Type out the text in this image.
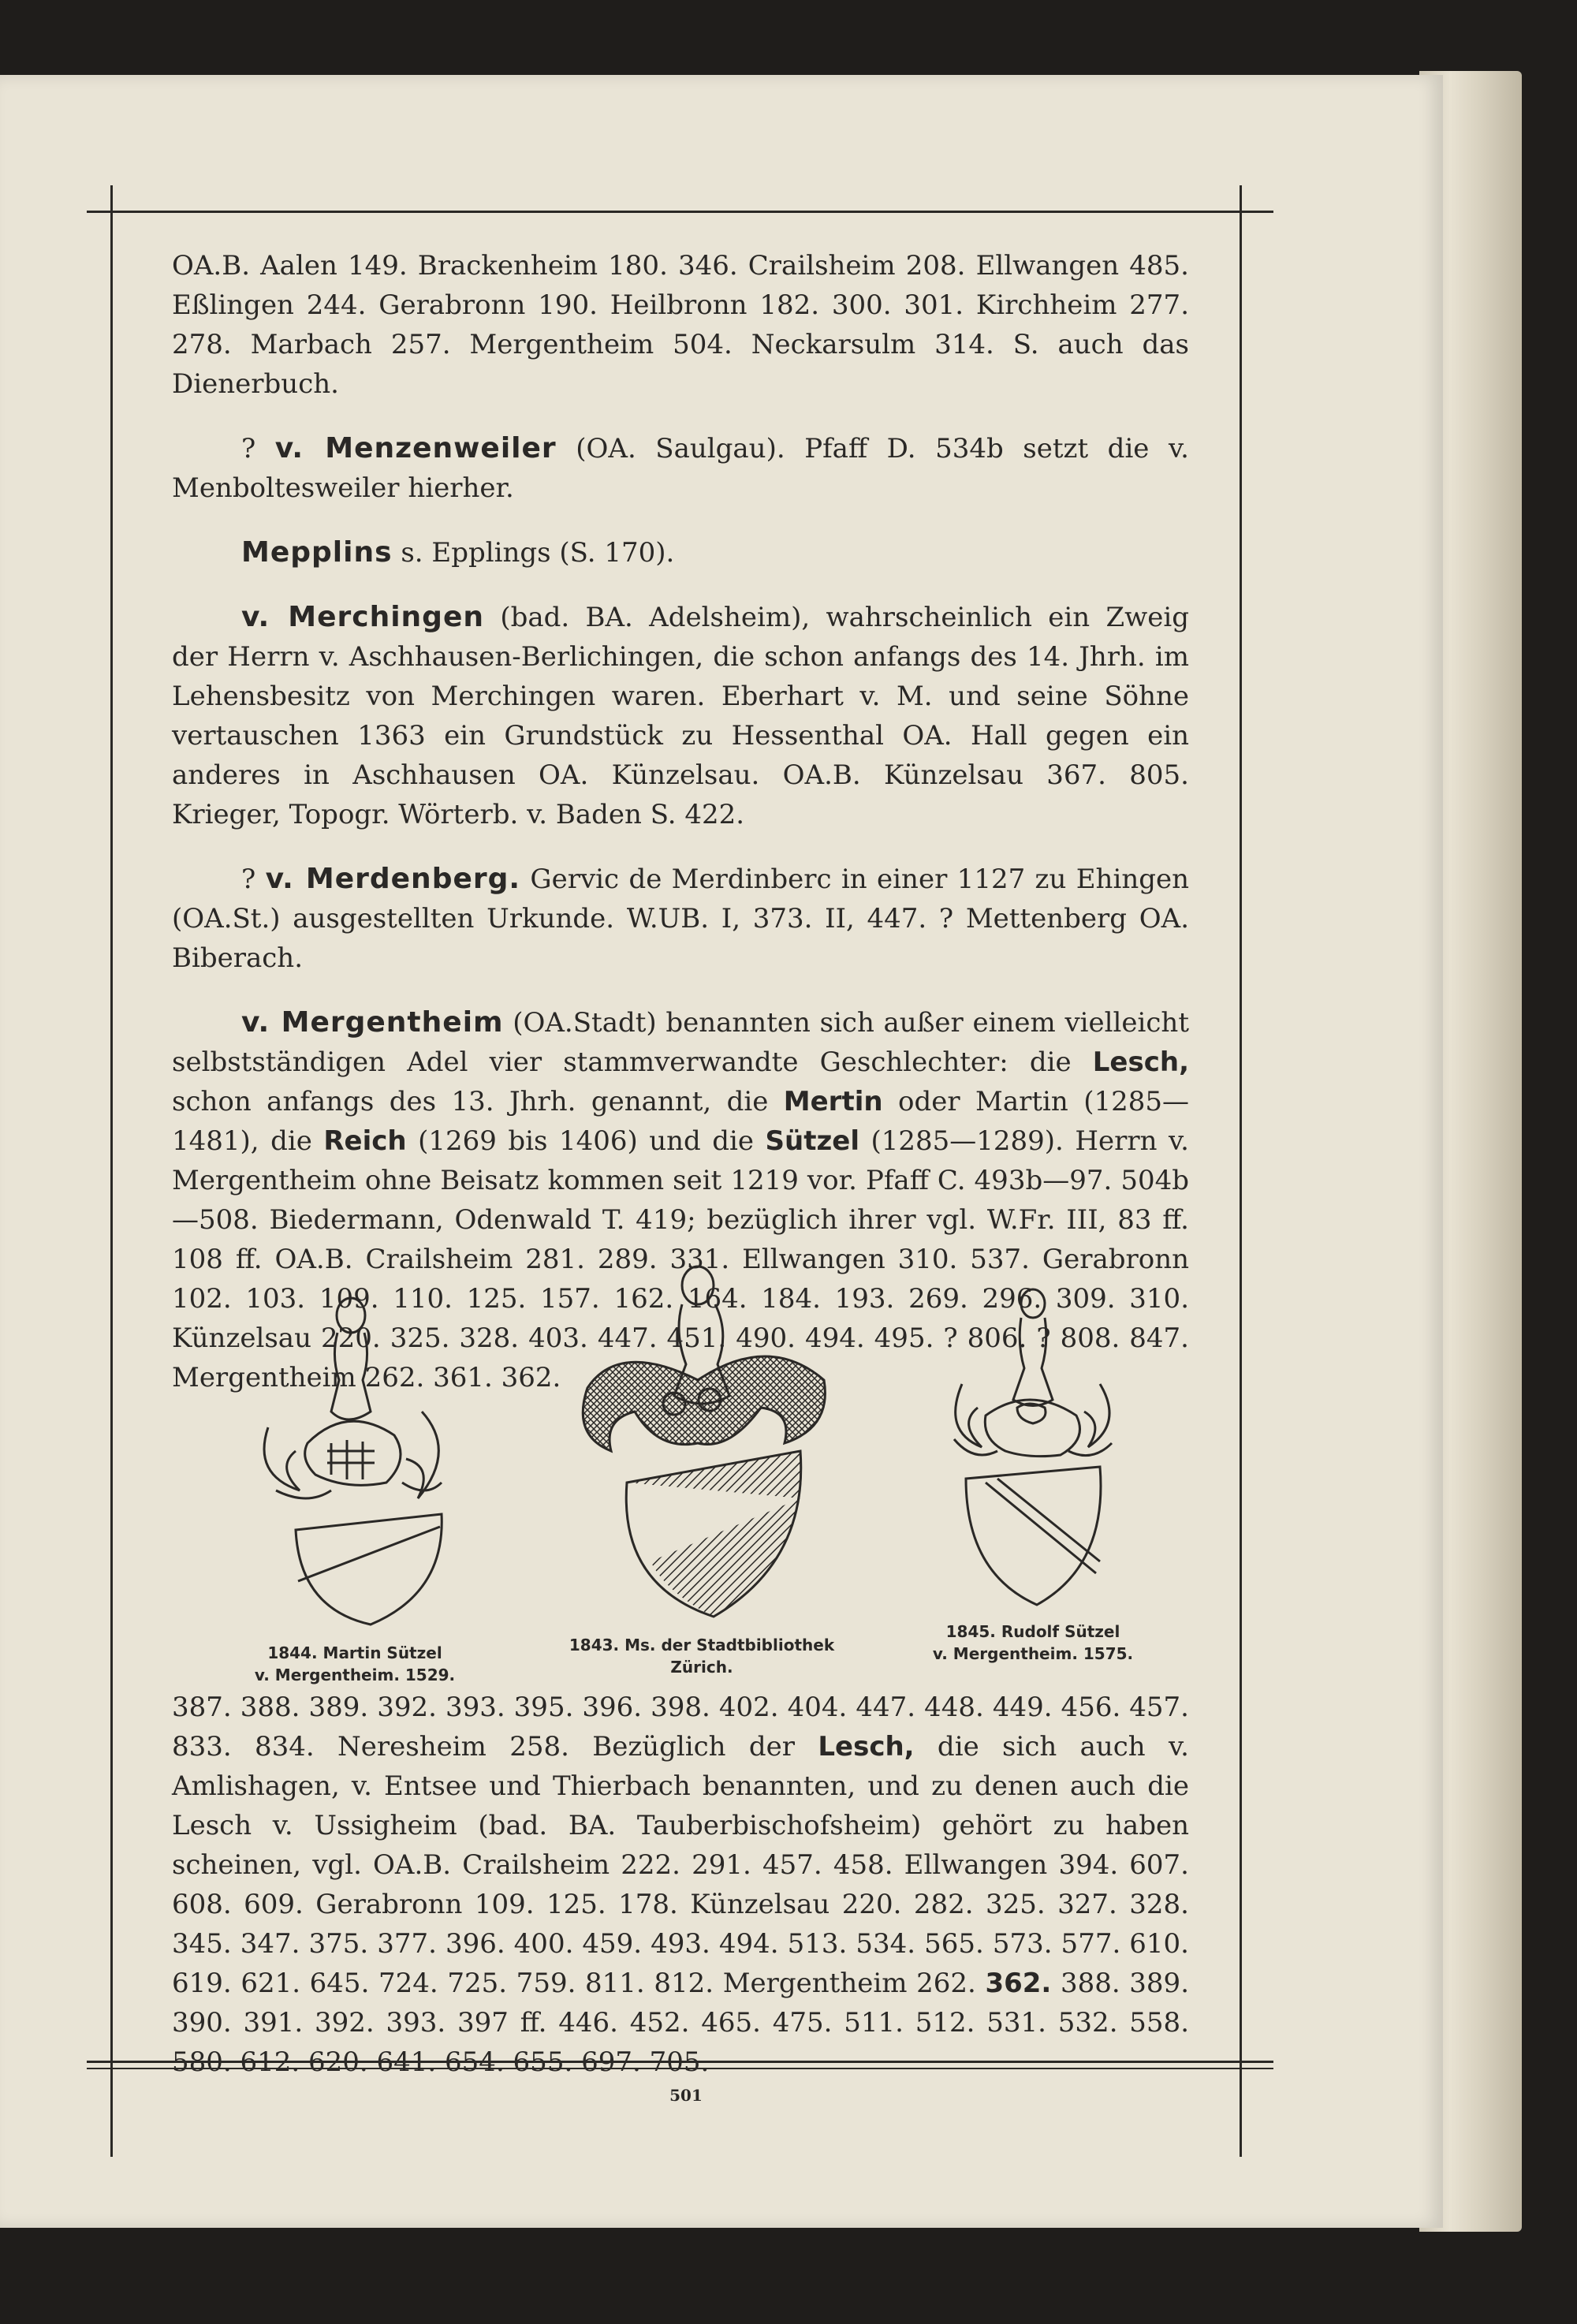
OA.B. Aalen 149. Brackenheim 180. 346. Crailsheim 208. Ellwangen 485. Eßlingen 244. Gerabronn 190. Heilbronn 182. 300. 301. Kirchheim 277. 278. Marbach 257. Mergentheim 504. Neckarsulm 314. S. auch das Dienerbuch.

? v. Menzenweiler (OA. Saulgau). Pfaff D. 534b setzt die v. Menboltesweiler hierher.

Mepplins s. Epplings (S. 170).

v. Merchingen (bad. BA. Adelsheim), wahrscheinlich ein Zweig der Herrn v. Aschhausen-Berlichingen, die schon anfangs des 14. Jhrh. im Lehensbesitz von Merchingen waren. Eberhart v. M. und seine Söhne vertauschen 1363 ein Grundstück zu Hessenthal OA. Hall gegen ein anderes in Aschhausen OA. Künzelsau. OA.B. Künzelsau 367. 805. Krieger, Topogr. Wörterb. v. Baden S. 422.

? v. Merdenberg. Gervic de Merdinberc in einer 1127 zu Ehingen (OA.St.) ausgestellten Urkunde. W.UB. I, 373. II, 447. ? Mettenberg OA. Biberach.

v. Mergentheim (OA.Stadt) benannten sich außer einem vielleicht selbstständigen Adel vier stammverwandte Geschlechter: die Lesch, schon anfangs des 13. Jhrh. genannt, die Mertin oder Martin (1285—1481), die Reich (1269 bis 1406) und die Sützel (1285—1289). Herrn v. Mergentheim ohne Beisatz kommen seit 1219 vor. Pfaff C. 493b—97. 504b—508. Biedermann, Odenwald T. 419; bezüglich ihrer vgl. W.Fr. III, 83 ff. 108 ff. OA.B. Crailsheim 281. 289. 331. Ellwangen 310. 537. Gerabronn 102. 103. 109. 110. 125. 157. 162. 164. 184. 193. 269. 296. 309. 310. Künzelsau 220. 325. 328. 403. 447. 451. 490. 494. 495. ? 806. ? 808. 847. Mergentheim 262. 361. 362.

1844. Martin Sützel
v. Mergentheim. 1529.
1843. Ms. der Stadtbibliothek
Zürich.
1845. Rudolf Sützel
v. Mergentheim. 1575.
387. 388. 389. 392. 393. 395. 396. 398. 402. 404. 447. 448. 449. 456. 457. 833. 834. Neresheim 258. Bezüglich der Lesch, die sich auch v. Amlishagen, v. Entsee und Thierbach benannten, und zu denen auch die Lesch v. Ussigheim (bad. BA. Tauberbischofsheim) gehört zu haben scheinen, vgl. OA.B. Crailsheim 222. 291. 457. 458. Ellwangen 394. 607. 608. 609. Gerabronn 109. 125. 178. Künzelsau 220. 282. 325. 327. 328. 345. 347. 375. 377. 396. 400. 459. 493. 494. 513. 534. 565. 573. 577. 610. 619. 621. 645. 724. 725. 759. 811. 812. Mergentheim 262. 362. 388. 389. 390. 391. 392. 393. 397 ff. 446. 452. 465. 475. 511. 512. 531. 532. 558. 580. 612. 620. 641. 654. 655. 697. 705.
501
